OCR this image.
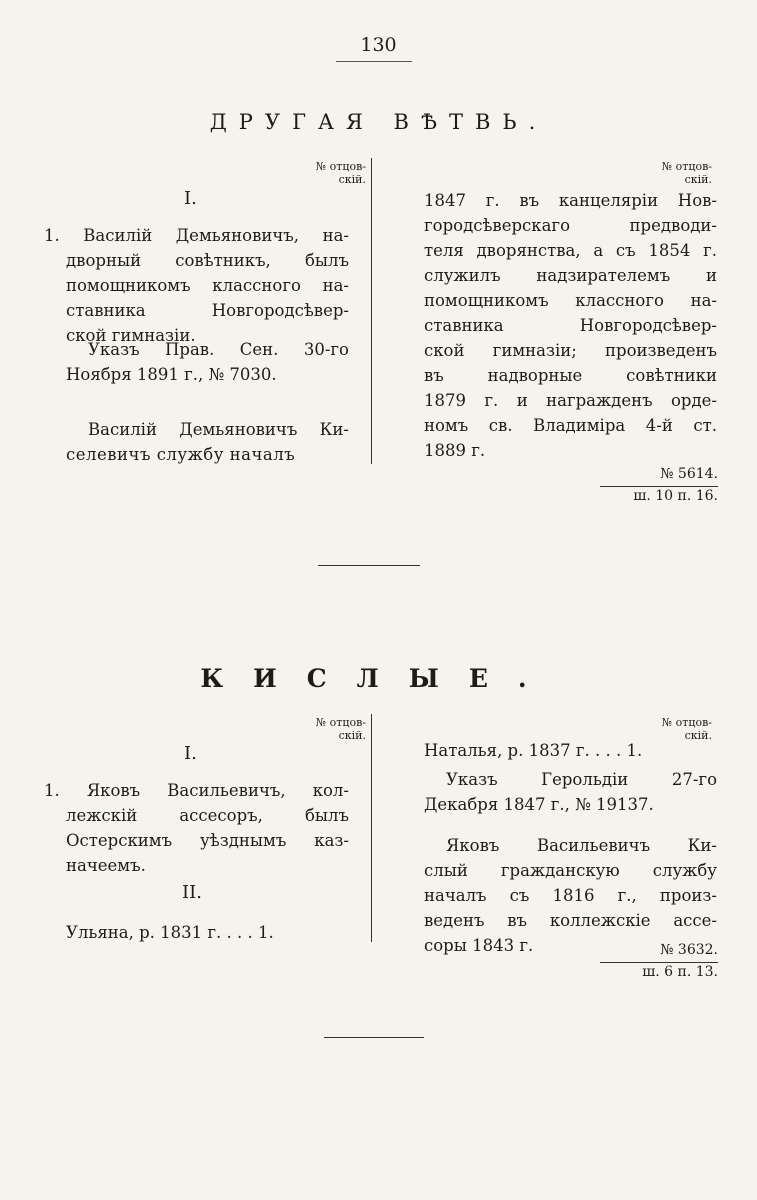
130
ДРУГАЯ ВѢТВЬ.
№ отцов-
скій.
№ отцов-
скій.
I.
1. Василій Демьяновичъ, на-
дворный совѣтникъ, былъ
помощникомъ классного на-
ставника Новгородсѣвер-
ской гимназіи.
Указъ Прав. Сен. 30-го
Ноября 1891 г., № 7030.
Василій Демьяновичъ Ки-
селевичъ службу началъ
1847 г. въ канцеляріи Нов-
городсѣверскаго предводи-
теля дворянства, а съ 1854 г.
служилъ надзирателемъ и
помощникомъ классного на-
ставника Новгородсѣвер-
ской гимназіи; произведенъ
въ надворные совѣтники
1879 г. и награжденъ орде-
номъ св. Владиміра 4-й ст.
1889 г.
№ 5614.
ш. 10 п. 16.
КИСЛЫЕ.
№ отцов-
скій.
№ отцов-
скій.
I.
1. Яковъ Васильевичъ, кол-
лежскій ассесоръ, былъ
Остерскимъ уѣзднымъ каз-
начеемъ.
II.
Ульяна, р. 1831 г. . . . 1.
Наталья, р. 1837 г. . . . 1.
Указъ Герольдіи 27-го
Декабря 1847 г., № 19137.
Яковъ Васильевичъ Ки-
слый гражданскую службу
началъ съ 1816 г., произ-
веденъ въ коллежскіе ассе-
соры 1843 г.	№ 3632.
ш. 6 п. 13.
